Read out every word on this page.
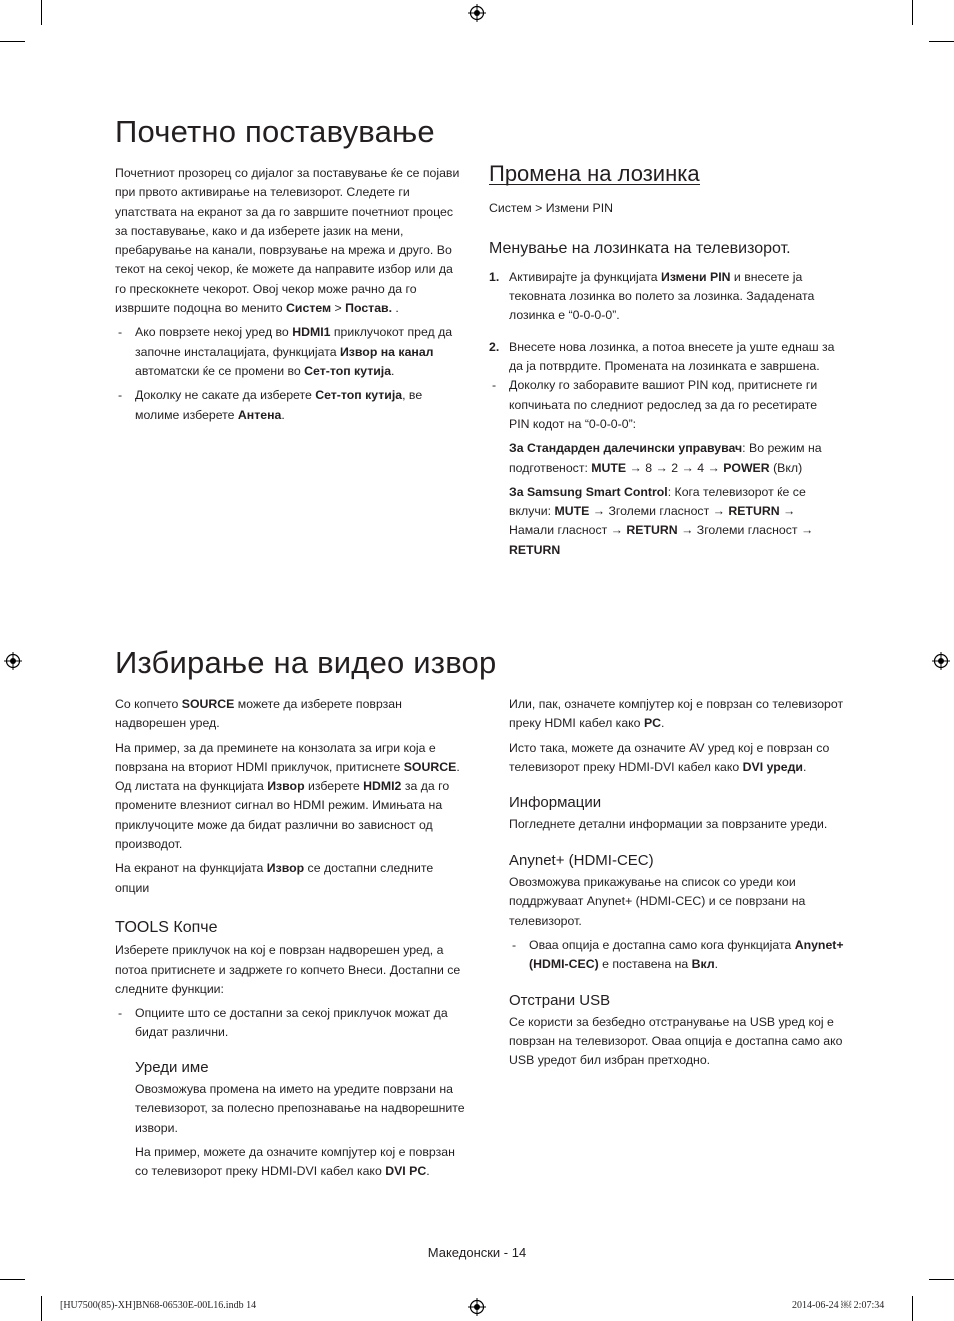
Почетно поставување

Почетниот прозорец со дијалог за поставување ќе се појави при првото активирање на телевизорот. Следете ги упатствата на екранот за да го завршите почетниот процес за поставување, како и да изберете јазик на мени, пребарување на канали, поврзување на мрежа и друго. Во текот на секој чекор, ќе можете да направите избор или да го прескокнете чекорот. Овој чекор може рачно да го извршите подоцна во менито Систем > Постав. .

- Ако поврзете некој уред во HDMI1 приклучокот пред да започне инсталацијата, функцијата Извор на канал автоматски ќе се промени во Сет-топ кутија.
- Доколку не сакате да изберете Сет-топ кутија, ве молиме изберете Антена.
Промена на лозинка

Систем > Измени PIN

Менување на лозинката на телевизорот.
1. Активирајте ја функцијата Измени PIN и внесете ја тековната лозинка во полето за лозинка. Зададената лозинка е “0-0-0-0”.
2. Внесете нова лозинка, а потоа внесете ја уште еднаш за да ја потврдите. Промената на лозинката е завршена.
- Доколку го заборавите вашиот PIN код, притиснете ги копчињата по следниот редослед за да го ресетирате PIN кодот на “0-0-0-0”:

За Стандарден далечински управувач: Во режим на подготвеност: MUTE → 8 → 2 → 4 → POWER (Вкл)

За Samsung Smart Control: Кога телевизорот ќе се вклучи: MUTE → Зголеми гласност → RETURN → Намали гласност → RETURN → Зголеми гласност → RETURN

Избирање на видео извор

Со копчето SOURCE можете да изберете поврзан надворешен уред.

На пример, за да преминете на конзолата за игри која е поврзана на вториот HDMI приклучок, притиснете SOURCE. Од листата на функцијата Извор изберете HDMI2 за да го промените влезниот сигнал во HDMI режим. Имињата на приклучоците може да бидат различни во зависност од производот.

На екранот на функцијата Извор се достапни следните опции

TOOLS Копче

Изберете приклучок на кој е поврзан надворешен уред, а потоа притиснете и задржете го копчето Внеси. Достапни се следните функции:

- Опциите што се достапни за секој приклучок можат да бидат различни.
Уреди име

Овозможува промена на името на уредите поврзани на телевизорот, за полесно препознавање на надворешните извори.

На пример, можете да означите компјутер кој е поврзан со телевизорот преку HDMI-DVI кабел како DVI PC.

Или, пак, означете компјутер кој е поврзан со телевизорот преку HDMI кабел како PC.

Исто така, можете да означите AV уред кој е поврзан со телевизорот преку HDMI-DVI кабел како DVI уреди.

Информации

Погледнете детални информации за поврзаните уреди.

Anynet+ (HDMI-CEC)

Овозможува прикажување на список со уреди кои поддржуваат Anynet+ (HDMI-CEC) и се поврзани на телевизорот.

- Оваа опција е достапна само кога функцијата Anynet+ (HDMI-CEC) е поставена на Вкл.
Отстрани USB

Се користи за безбедно отстранување на USB уред кој е поврзан на телевизорот. Оваа опција е достапна само ако USB уредот бил избран претходно.

Македонски - 14
[HU7500(85)-XH]BN68-06530E-00L16.indb 14	2014-06-24 ￼ 2:07:34
